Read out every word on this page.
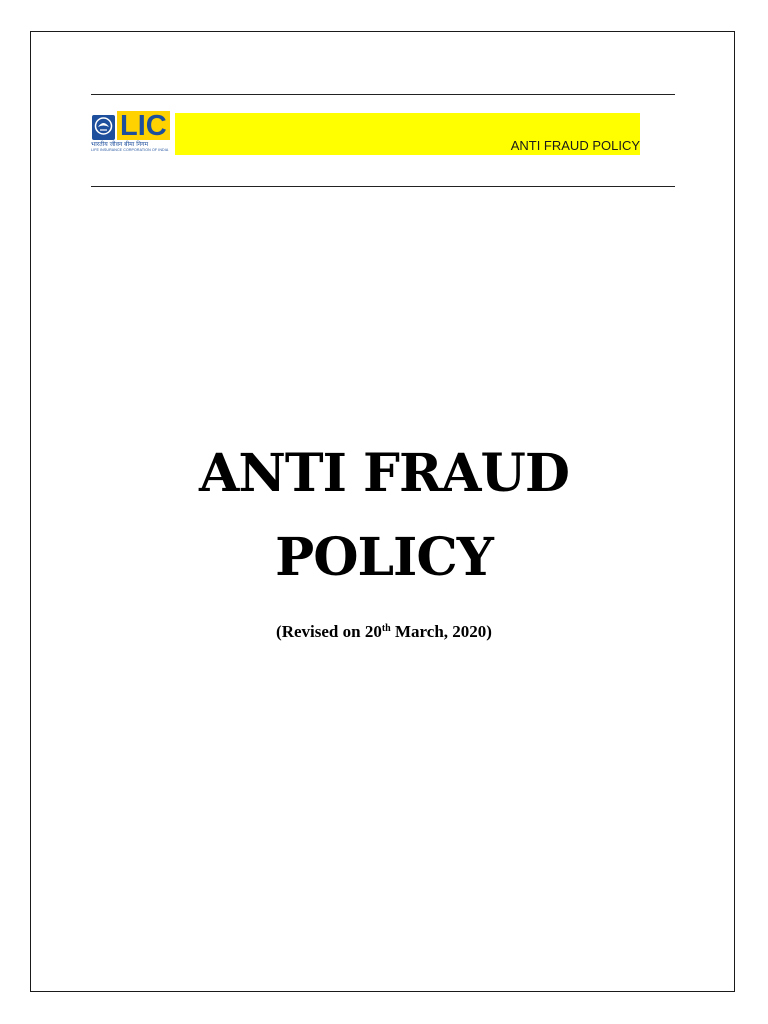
LIC
भारतीय जीवन बीमा निगम
LIFE INSURANCE CORPORATION OF INDIA	ANTI FRAUD POLICY
ANTI FRAUD
POLICY
(Revised on 20th March, 2020)
